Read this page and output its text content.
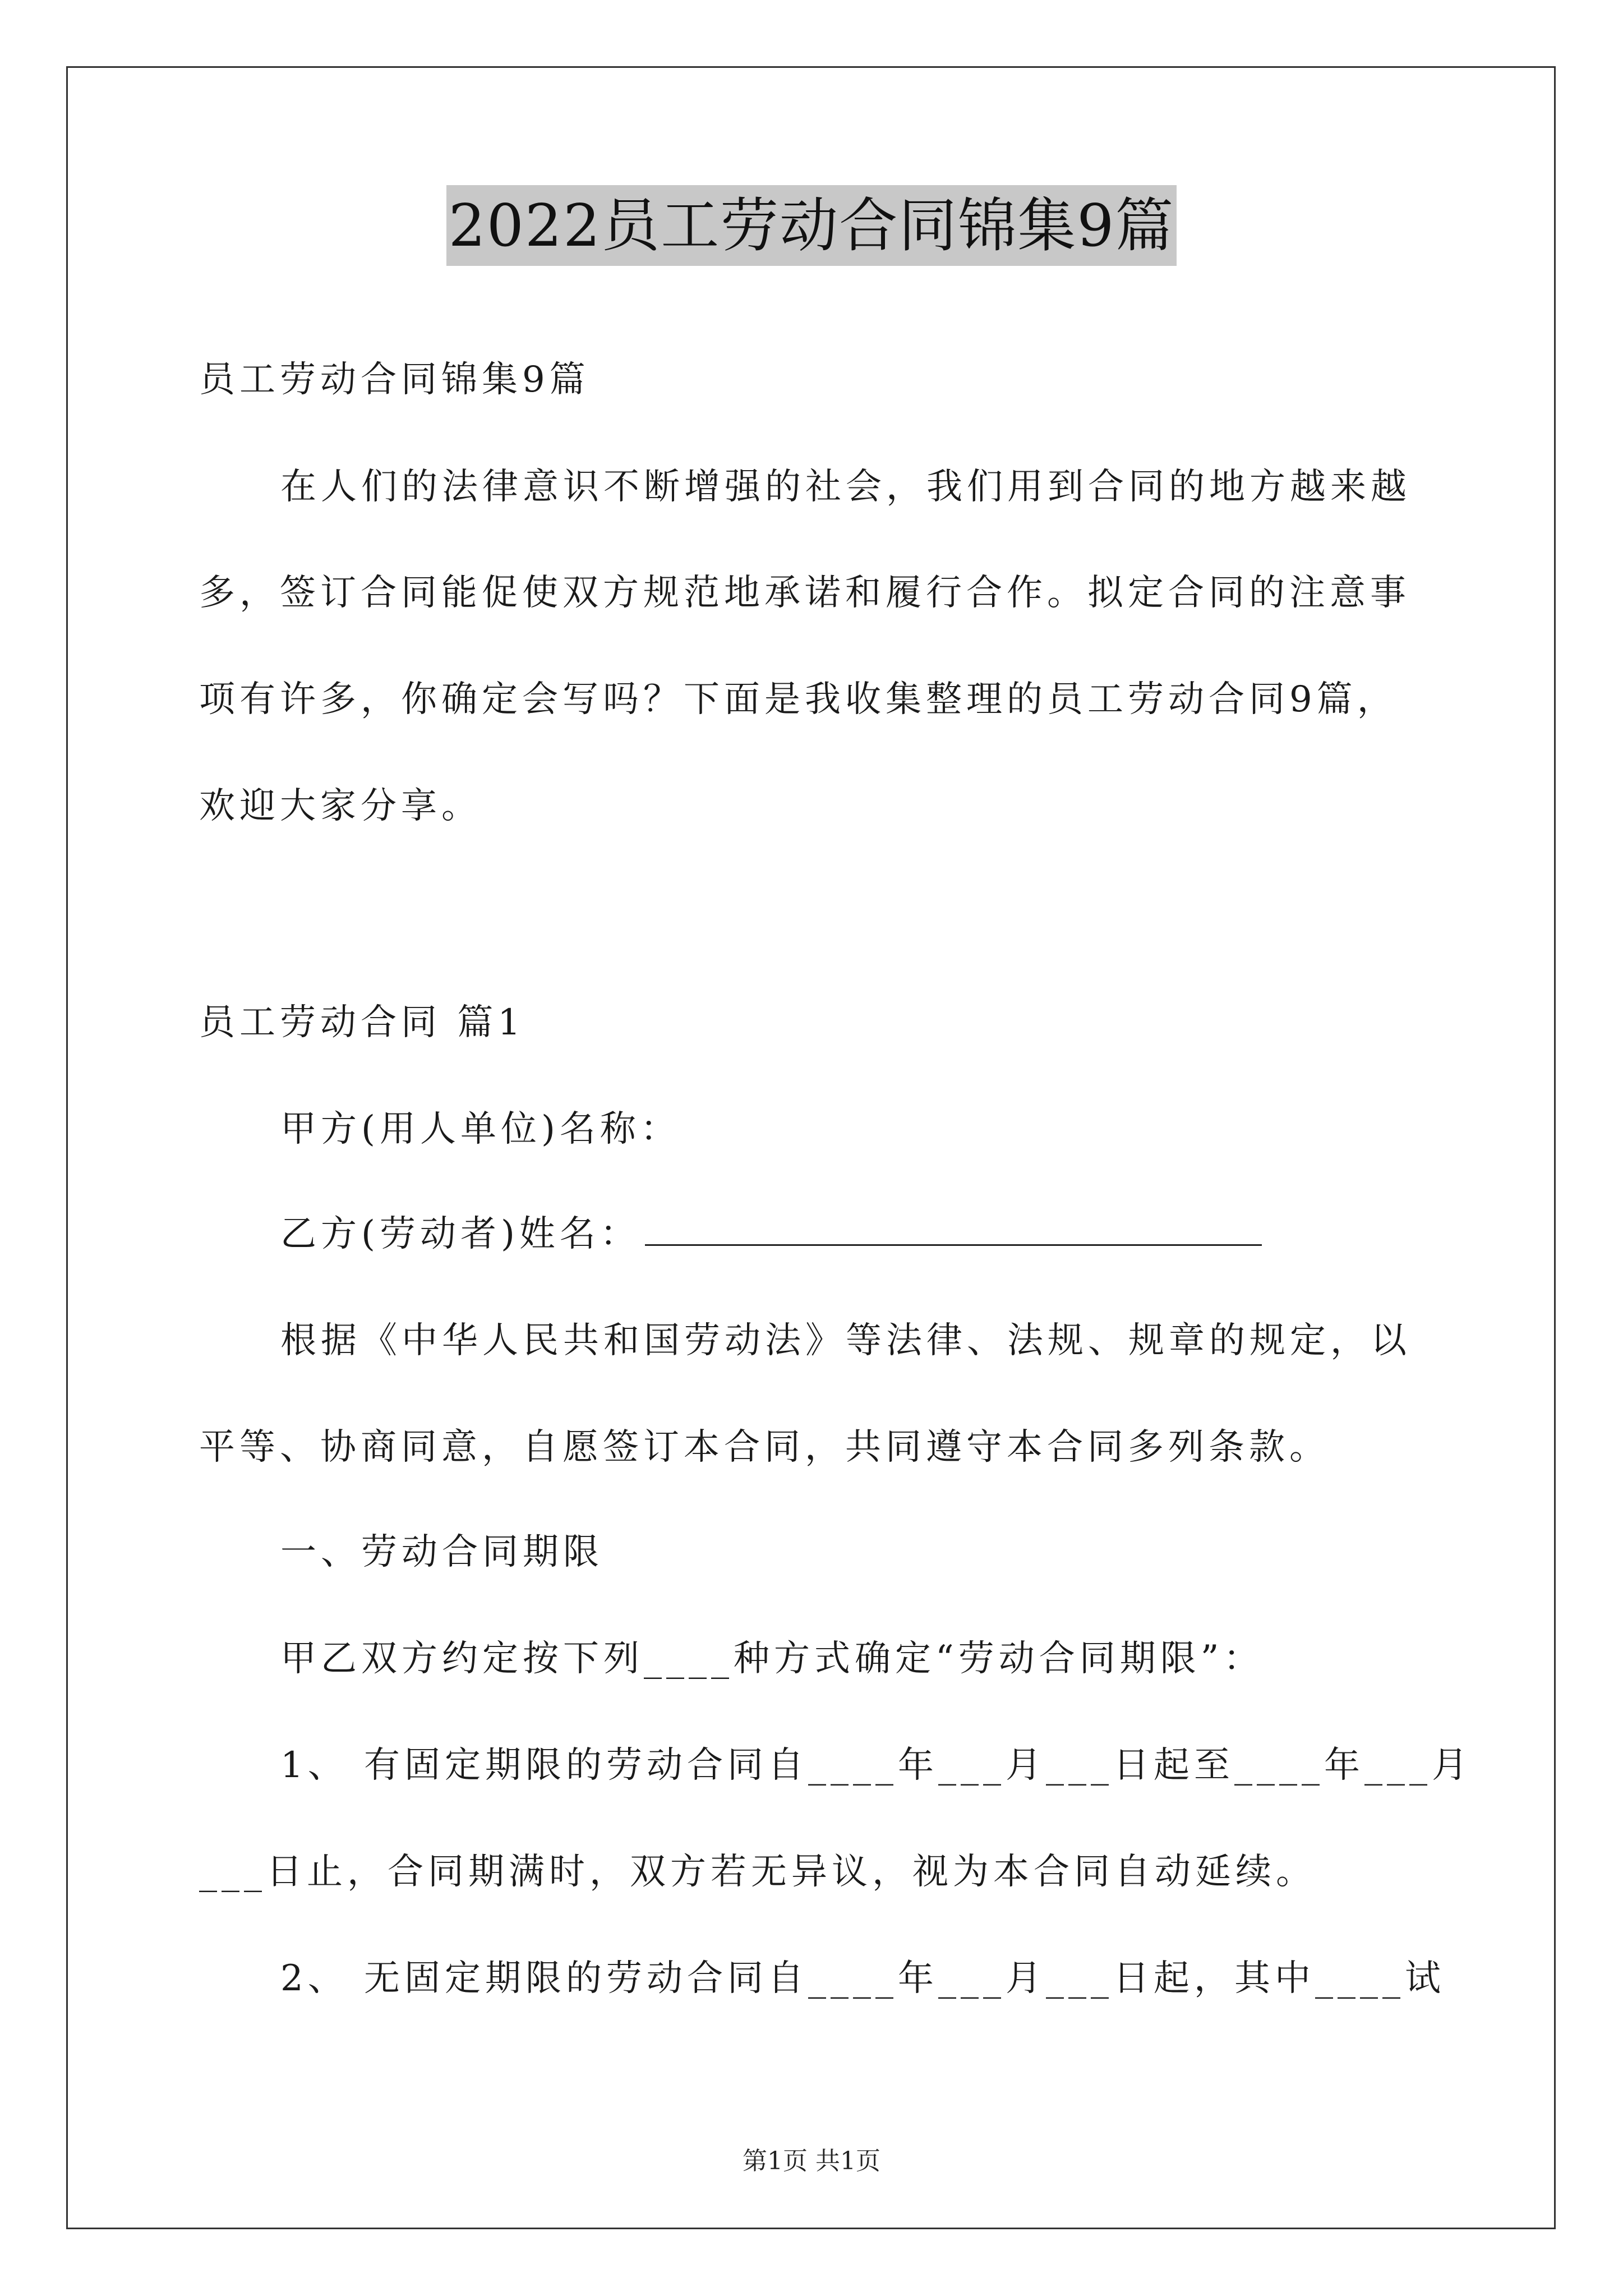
2022员工劳动合同锦集9篇
员工劳动合同锦集9篇
在人们的法律意识不断增强的社会，我们用到合同的地方越来越
多，签订合同能促使双方规范地承诺和履行合作。拟定合同的注意事
项有许多，你确定会写吗？下面是我收集整理的员工劳动合同9篇，
欢迎大家分享。
员工劳动合同 篇1
甲方(用人单位)名称：
乙方(劳动者)姓名：
根据《中华人民共和国劳动法》等法律、法规、规章的规定，以
平等、协商同意，自愿签订本合同，共同遵守本合同多列条款。
一、劳动合同期限
甲乙双方约定按下列____种方式确定“劳动合同期限”：
1、 有固定期限的劳动合同自____年___月___日起至____年___月
___日止，合同期满时，双方若无异议，视为本合同自动延续。
2、 无固定期限的劳动合同自____年___月___日起，其中____试
第1页 共1页
